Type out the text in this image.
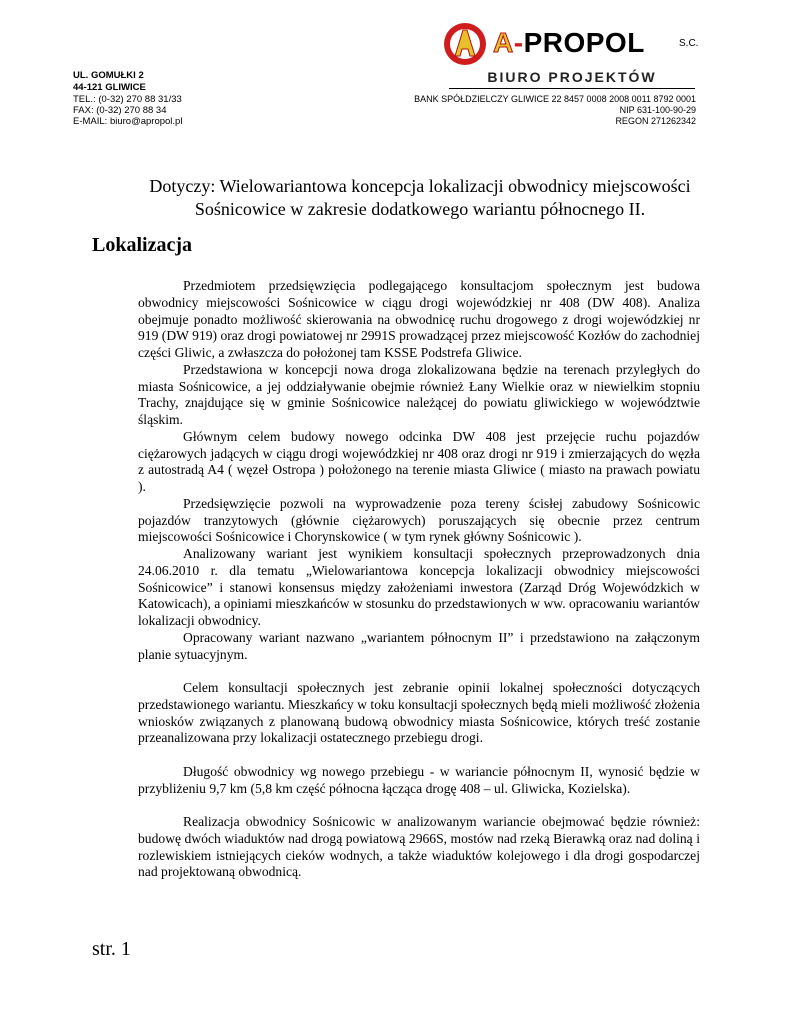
A-PROPOL	S.C.
BIURO PROJEKTÓW
UL. GOMUŁKI 2
44-121 GLIWICE
TEL.: (0-32) 270 88 31/33
FAX: (0-32) 270 88 34
E-MAIL: biuro@apropol.pl
BANK SPÓŁDZIELCZY GLIWICE 22 8457 0008 2008 0011 8792 0001
NIP 631-100-90-29
REGON 271262342
Dotyczy: Wielowariantowa koncepcja lokalizacji obwodnicy miejscowości
Sośnicowice w zakresie dodatkowego wariantu północnego II.
Lokalizacja

Przedmiotem przedsięwzięcia podlegającego konsultacjom społecznym jest budowa obwodnicy miejscowości Sośnicowice w ciągu drogi wojewódzkiej nr 408 (DW 408). Analiza obejmuje ponadto możliwość skierowania na obwodnicę ruchu drogowego z drogi wojewódzkiej nr 919 (DW 919) oraz drogi powiatowej nr 2991S prowadzącej przez miejscowość Kozłów do zachodniej części Gliwic, a zwłaszcza do położonej tam KSSE Podstrefa Gliwice.

Przedstawiona w koncepcji nowa droga zlokalizowana będzie na terenach przyległych do miasta Sośnicowice, a jej oddziaływanie obejmie również Łany Wielkie oraz w niewielkim stopniu Trachy, znajdujące się w gminie Sośnicowice należącej do powiatu gliwickiego w województwie śląskim.

Głównym celem budowy nowego odcinka DW 408 jest przejęcie ruchu pojazdów ciężarowych jadących w ciągu drogi wojewódzkiej nr 408 oraz drogi nr 919 i zmierzających do węzła z autostradą A4 ( węzeł Ostropa ) położonego na terenie miasta Gliwice ( miasto na prawach powiatu ).

Przedsięwzięcie pozwoli na wyprowadzenie poza tereny ścisłej zabudowy Sośnicowic pojazdów tranzytowych (głównie ciężarowych) poruszających się obecnie przez centrum miejscowości Sośnicowice i Chorynskowice ( w tym rynek główny Sośnicowic ).

Analizowany wariant jest wynikiem konsultacji społecznych przeprowadzonych dnia 24.06.2010 r. dla tematu „Wielowariantowa koncepcja lokalizacji obwodnicy miejscowości Sośnicowice” i stanowi konsensus między założeniami inwestora (Zarząd Dróg Wojewódzkich w Katowicach), a opiniami mieszkańców w stosunku do przedstawionych w ww. opracowaniu wariantów lokalizacji obwodnicy.

Opracowany wariant nazwano „wariantem północnym II” i przedstawiono na załączonym planie sytuacyjnym.

Celem konsultacji społecznych jest zebranie opinii lokalnej społeczności dotyczących przedstawionego wariantu. Mieszkańcy w toku konsultacji społecznych będą mieli możliwość złożenia wniosków związanych z planowaną budową obwodnicy miasta Sośnicowice, których treść zostanie przeanalizowana przy lokalizacji ostatecznego przebiegu drogi.

Długość obwodnicy wg nowego przebiegu - w wariancie północnym II, wynosić będzie w przybliżeniu 9,7 km (5,8 km część północna łącząca drogę 408 – ul. Gliwicka, Kozielska).

Realizacja obwodnicy Sośnicowic w analizowanym wariancie obejmować będzie również: budowę dwóch wiaduktów nad drogą powiatową 2966S, mostów nad rzeką Bierawką oraz nad doliną i rozlewiskiem istniejących cieków wodnych, a także wiaduktów kolejowego i dla drogi gospodarczej nad projektowaną obwodnicą.

str. 1
